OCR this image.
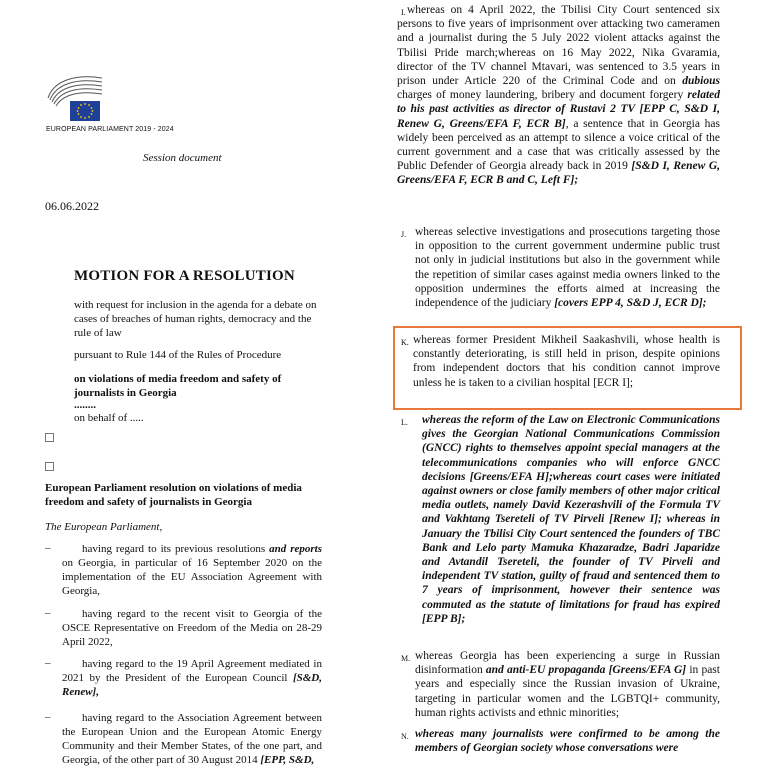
EUROPEAN PARLIAMENT 2019 - 2024
Session document
06.06.2022
MOTION FOR A RESOLUTION
with request for inclusion in the agenda for a debate on cases of breaches of human rights, democracy and the rule of law
pursuant to Rule 144 of the Rules of Procedure
on violations of media freedom and safety of journalists in Georgia
........
on behalf of .....
European Parliament resolution on violations of media freedom and safety of journalists in Georgia
The European Parliament,
–	having regard to its previous resolutions and reports on Georgia, in particular of 16 September 2020 on the implementation of the EU Association Agreement with Georgia,
–	having regard to the recent visit to Georgia of the OSCE Representative on Freedom of the Media on 28-29 April 2022,
–	having regard to the 19 April Agreement mediated in 2021 by the President of the European Council [S&D, Renew],
–	having regard to the Association Agreement between the European Union and the European Atomic Energy Community and their Member States, of the one part, and Georgia, of the other part of 30 August 2014 [EPP, S&D,
I. whereas on 4 April 2022, the Tbilisi City Court sentenced six persons to five years of imprisonment over attacking two cameramen and a journalist during the 5 July 2022 violent attacks against the Tbilisi Pride march;whereas on 16 May 2022, Nika Gvaramia, director of the TV channel Mtavari, was sentenced to 3.5 years in prison under Article 220 of the Criminal Code and on dubious charges of money laundering, bribery and document forgery related to his past activities as director of Rustavi 2 TV [EPP C, S&D I, Renew G, Greens/EFA F, ECR B], a sentence that in Georgia has widely been perceived as an attempt to silence a voice critical of the current government and a case that was critically assessed by the Public Defender of Georgia already back in 2019 [S&D I, Renew G, Greens/EFA F, ECR B and C, Left F];
J. whereas selective investigations and prosecutions targeting those in opposition to the current government undermine public trust not only in judicial institutions but also in the government while the repetition of similar cases against media owners linked to the opposition undermines the efforts aimed at increasing the independence of the judiciary [covers EPP 4, S&D J, ECR D];
K. whereas former President Mikheil Saakashvili, whose health is constantly deteriorating, is still held in prison, despite opinions from independent doctors that his condition cannot improve unless he is taken to a civilian hospital [ECR I];
L. whereas the reform of the Law on Electronic Communications gives the Georgian National Communications Commission (GNCC) rights to themselves appoint special managers at the telecommunications companies who will enforce GNCC decisions [Greens/EFA H];whereas court cases were initiated against owners or close family members of other major critical media outlets, namely David Kezerashvili of the Formula TV and Vakhtang Tsereteli of TV Pirveli [Renew I]; whereas in January the Tbilisi City Court sentenced the founders of TBC Bank and Lelo party Mamuka Khazaradze, Badri Japaridze and Avtandil Tsereteli, the founder of TV Pirveli and independent TV station, guilty of fraud and sentenced them to 7 years of imprisonment, however their sentence was commuted as the statute of limitations for fraud has expired [EPP B];
M. whereas Georgia has been experiencing a surge in Russian disinformation and anti-EU propaganda [Greens/EFA G] in past years and especially since the Russian invasion of Ukraine, targeting in particular women and the LGBTQI+ community, human rights activists and ethnic minorities;
N. whereas many journalists were confirmed to be among the members of Georgian society whose conversations were
